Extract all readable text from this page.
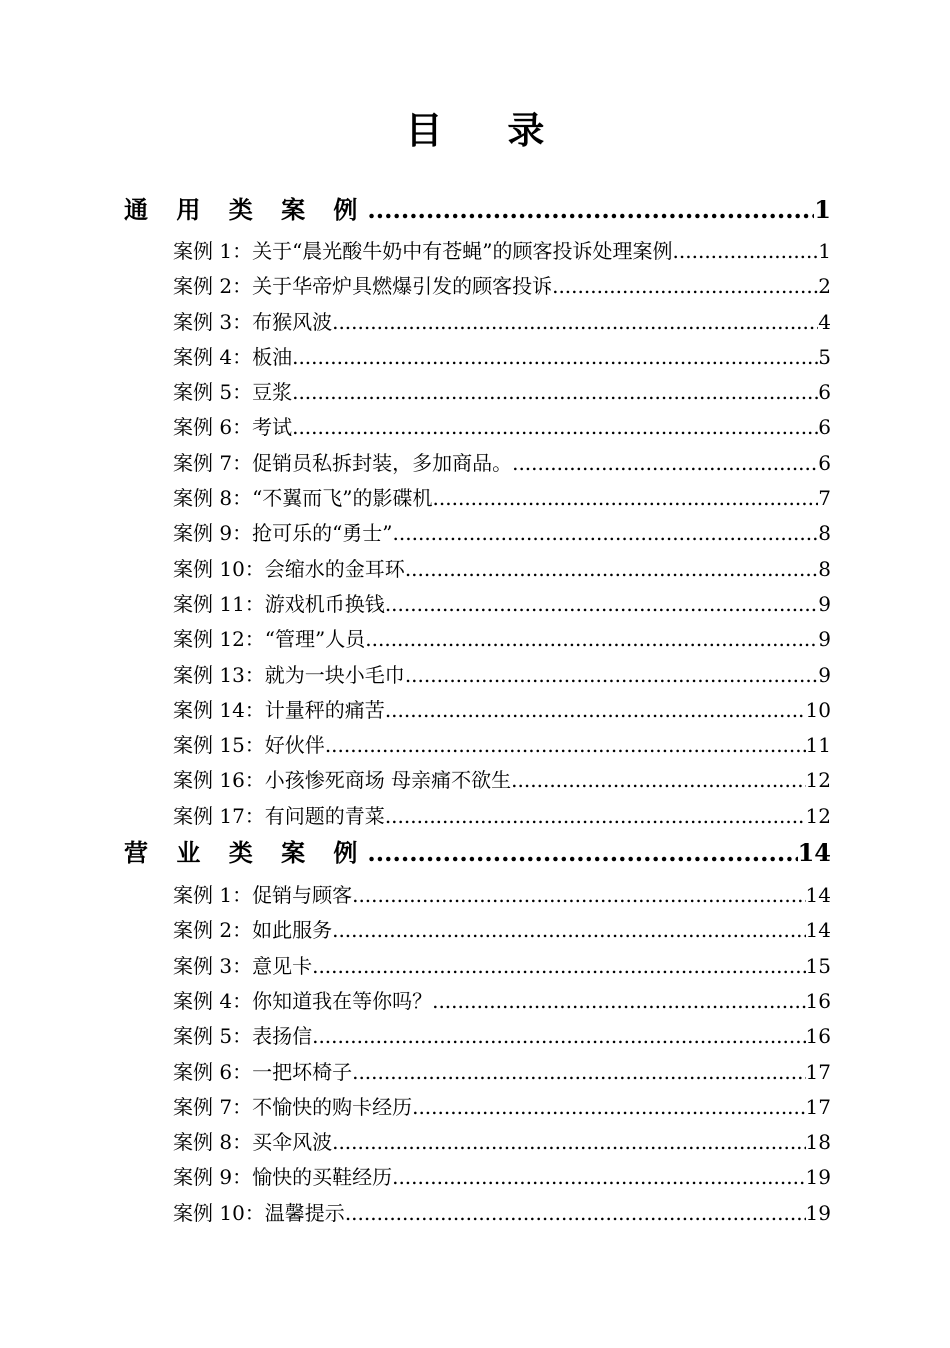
目 录
通 用 类 案 例 .....	1
案例 1：关于“晨光酸牛奶中有苍蝇”的顾客投诉处理案例 .....	1
案例 2：关于华帝炉具燃爆引发的顾客投诉 .....	2
案例 3：布猴风波 .....	4
案例 4：板油 .....	5
案例 5：豆浆 .....	6
案例 6：考试 .....	6
案例 7：促销员私拆封装，多加商品。 .....	6
案例 8：“不翼而飞”的影碟机 .....	7
案例 9：抢可乐的“勇士” .....	8
案例 10：会缩水的金耳环 .....	8
案例 11：游戏机币换钱 .....	9
案例 12：“管理”人员 .....	9
案例 13：就为一块小毛巾 .....	9
案例 14：计量秤的痛苦 .....	10
案例 15：好伙伴 .....	11
案例 16：小孩惨死商场 母亲痛不欲生 .....	12
案例 17：有问题的青菜 .....	12
营 业 类 案 例 .....	14
案例 1：促销与顾客 .....	14
案例 2：如此服务 .....	14
案例 3：意见卡 .....	15
案例 4：你知道我在等你吗？ .....	16
案例 5：表扬信 .....	16
案例 6：一把坏椅子 .....	17
案例 7：不愉快的购卡经历 .....	17
案例 8：买伞风波 .....	18
案例 9：愉快的买鞋经历 .....	19
案例 10：温馨提示 .....	19
